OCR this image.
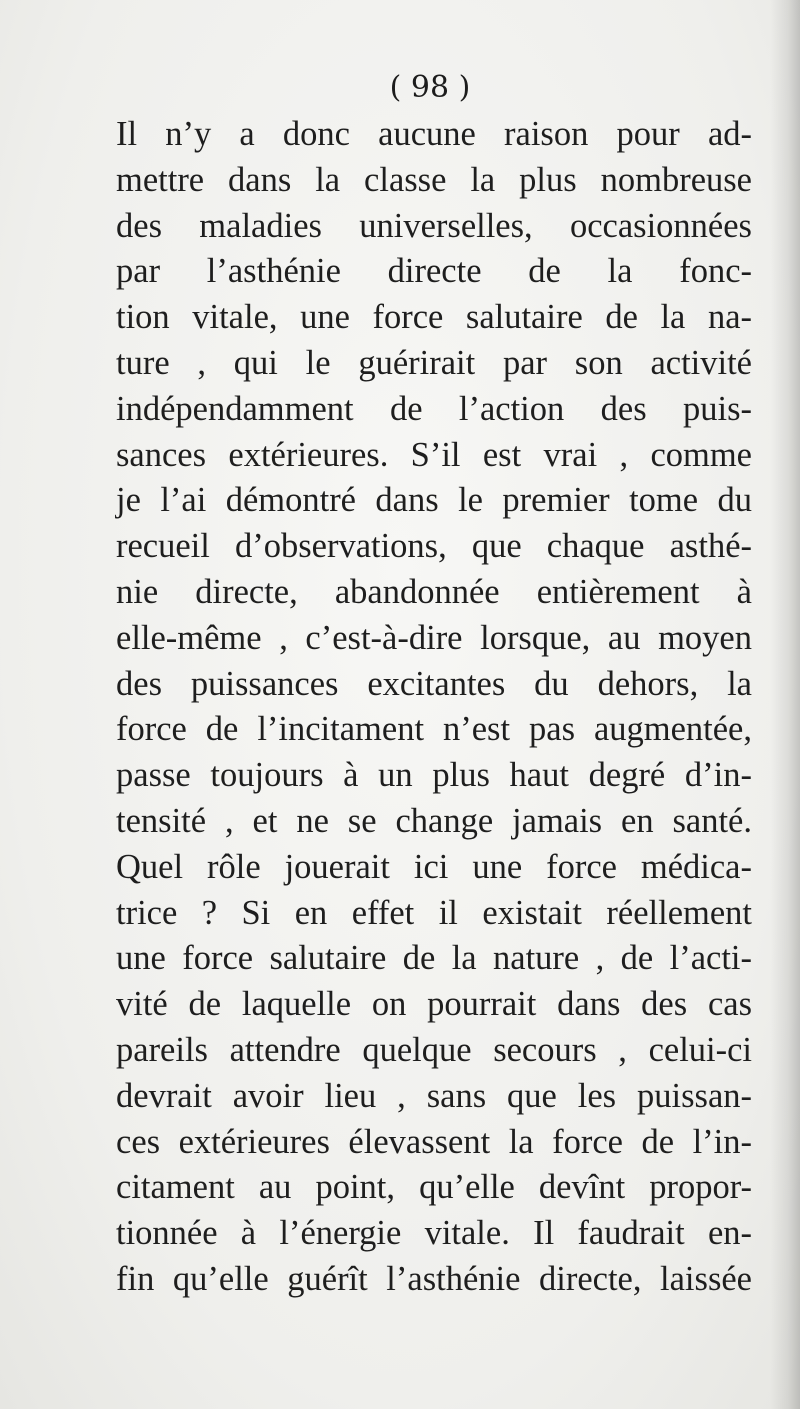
( 98 )
Il n’y a donc aucune raison pour ad-
mettre dans la classe la plus nombreuse
des maladies universelles, occasionnées
par l’asthénie directe de la fonc-
tion vitale, une force salutaire de la na-
ture , qui le guérirait par son activité
indépendamment de l’action des puis-
sances extérieures. S’il est vrai , comme
je l’ai démontré dans le premier tome du
recueil d’observations, que chaque asthé-
nie directe, abandonnée entièrement à
elle-même , c’est-à-dire lorsque, au moyen
des puissances excitantes du dehors, la
force de l’incitament n’est pas augmentée,
passe toujours à un plus haut degré d’in-
tensité , et ne se change jamais en santé.
Quel rôle jouerait ici une force médica-
trice ? Si en effet il existait réellement
une force salutaire de la nature , de l’acti-
vité de laquelle on pourrait dans des cas
pareils attendre quelque secours , celui-ci
devrait avoir lieu , sans que les puissan-
ces extérieures élevassent la force de l’in-
citament au point, qu’elle devînt propor-
tionnée à l’énergie vitale. Il faudrait en-
fin qu’elle guérît l’asthénie directe, laissée
